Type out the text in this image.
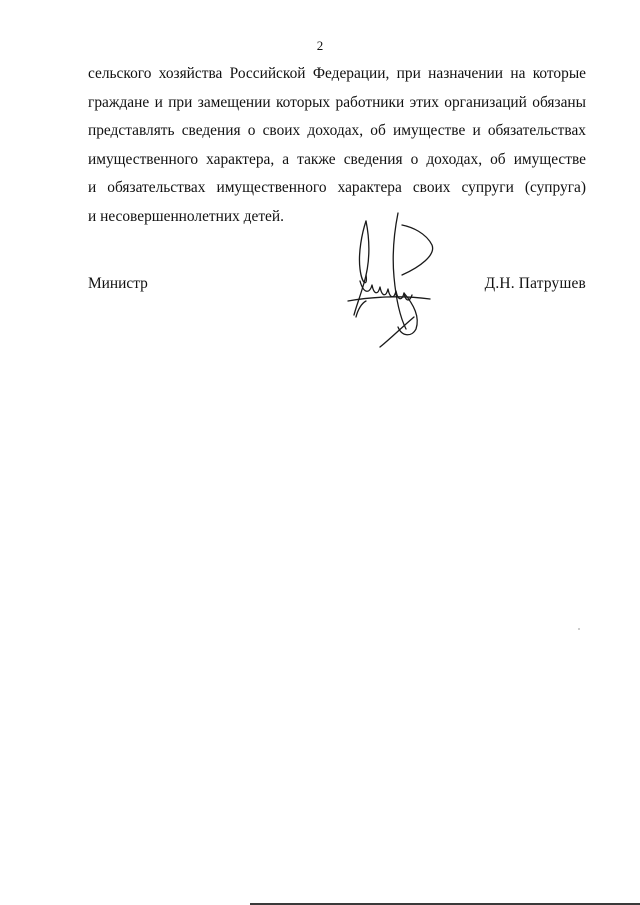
2

сельского хозяйства Российской Федерации, при назначении на которые
граждане и при замещении которых работники этих организаций обязаны
представлять сведения о своих доходах, об имуществе и обязательствах
имущественного характера, а также сведения о доходах, об имуществе
и обязательствах имущественного характера своих супруги (супруга)
и несовершеннолетних детей.

Министр	Д.Н. Патрушев
